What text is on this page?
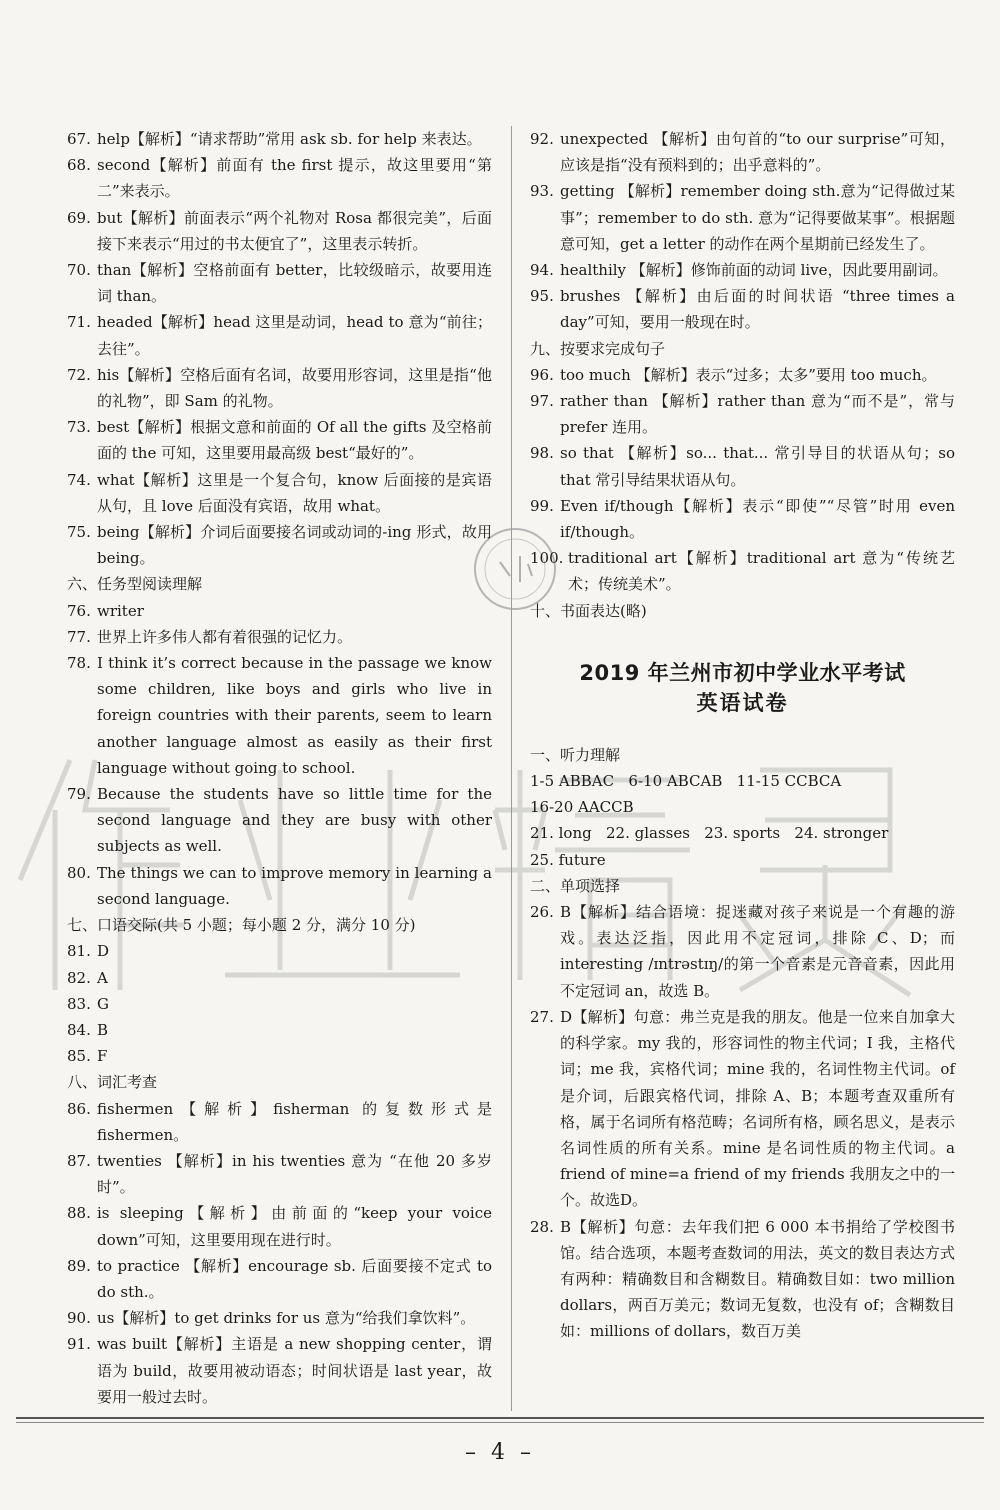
67. help【解析】“请求帮助”常用 ask sb. for help 来表达。
68. second【解析】前面有 the first 提示，故这里要用“第二”来表示。
69. but【解析】前面表示“两个礼物对 Rosa 都很完美”，后面接下来表示“用过的书太便宜了”，这里表示转折。
70. than【解析】空格前面有 better，比较级暗示，故要用连词 than。
71. headed【解析】head 这里是动词，head to 意为“前往；去往”。
72. his【解析】空格后面有名词，故要用形容词，这里是指“他的礼物”，即 Sam 的礼物。
73. best【解析】根据文意和前面的 Of all the gifts 及空格前面的 the 可知，这里要用最高级 best“最好的”。
74. what【解析】这里是一个复合句，know 后面接的是宾语从句，且 love 后面没有宾语，故用 what。
75. being【解析】介词后面要接名词或动词的-ing 形式，故用 being。
六、任务型阅读理解
76. writer
77. 世界上许多伟人都有着很强的记忆力。
78. I think it’s correct because in the passage we know some children, like boys and girls who live in foreign countries with their parents, seem to learn another language almost as easily as their first language without going to school.
79. Because the students have so little time for the second language and they are busy with other subjects as well.
80. The things we can to improve memory in learning a second language.
七、口语交际(共 5 小题；每小题 2 分，满分 10 分)
81. D
82. A
83. G
84. B
85. F
八、词汇考查
86. fishermen【解析】fisherman 的复数形式是 fishermen。
87. twenties 【解析】in his twenties 意为 “在他 20 多岁时”。
88. is sleeping【解析】由前面的“keep your voice down”可知，这里要用现在进行时。
89. to practice 【解析】encourage sb. 后面要接不定式 to do sth.。
90. us【解析】to get drinks for us 意为“给我们拿饮料”。
91. was built【解析】主语是 a new shopping center，谓语为 build，故要用被动语态；时间状语是 last year，故要用一般过去时。
92. unexpected 【解析】由句首的“to our surprise”可知，应该是指“没有预料到的；出乎意料的”。
93. getting 【解析】remember doing sth.意为“记得做过某事”；remember to do sth. 意为“记得要做某事”。根据题意可知，get a letter 的动作在两个星期前已经发生了。
94. healthily 【解析】修饰前面的动词 live，因此要用副词。
95. brushes 【解析】由后面的时间状语 “three times a day”可知，要用一般现在时。
九、按要求完成句子
96. too much 【解析】表示“过多；太多”要用 too much。
97. rather than 【解析】rather than 意为“而不是”，常与 prefer 连用。
98. so that 【解析】so... that... 常引导目的状语从句；so that 常引导结果状语从句。
99. Even if/though【解析】表示“即使”“尽管”时用 even if/though。
100. traditional art【解析】traditional art 意为“传统艺术；传统美术”。
十、书面表达(略)
2019 年兰州市初中学业水平考试
英语试卷
一、听力理解
1-5 ABBAC   6-10 ABCAB   11-15 CCBCA
16-20 AACCB
21. long   22. glasses   23. sports   24. stronger
25. future
二、单项选择
26. B【解析】结合语境：捉迷藏对孩子来说是一个有趣的游戏。表达泛指，因此用不定冠词，排除 C、D；而 interesting /ɪntrəstɪŋ/的第一个音素是元音音素，因此用不定冠词 an，故选 B。
27. D【解析】句意：弗兰克是我的朋友。他是一位来自加拿大的科学家。my 我的，形容词性的物主代词；I 我，主格代词；me 我，宾格代词；mine 我的，名词性物主代词。of 是介词，后跟宾格代词，排除 A、B；本题考查双重所有格，属于名词所有格范畴；名词所有格，顾名思义，是表示名词性质的所有关系。mine 是名词性质的物主代词。a friend of mine=a friend of my friends 我朋友之中的一个。故选D。
28. B【解析】句意：去年我们把 6 000 本书捐给了学校图书馆。结合选项，本题考查数词的用法，英文的数目表达方式有两种：精确数目和含糊数目。精确数目如：two million dollars，两百万美元；数词无复数，也没有 of；含糊数目如：millions of dollars，数百万美
– 4 –
